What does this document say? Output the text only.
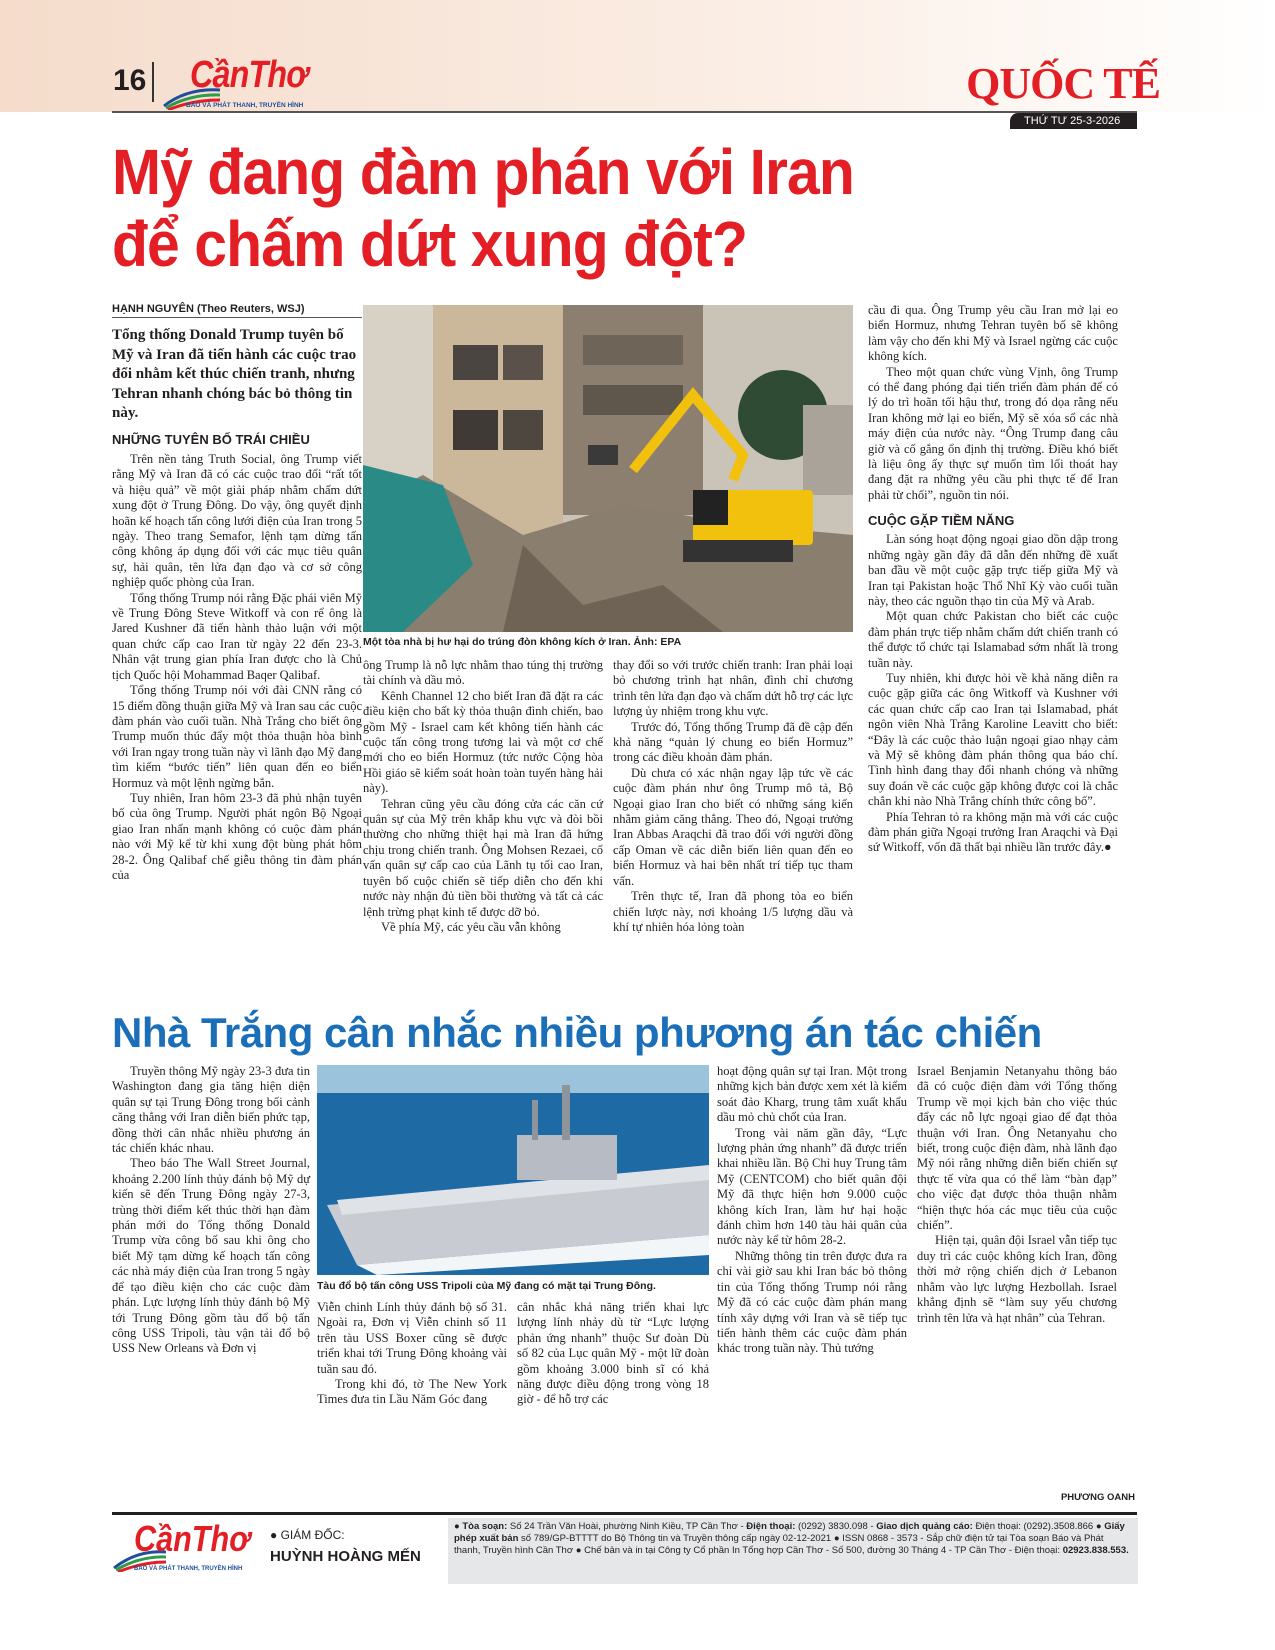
16 CầnThơ
BÁO VÀ PHÁT THANH, TRUYỀN HÌNH	QUỐC TẾ
THỨ TƯ 25-3-2026
Mỹ đang đàm phán với Iran
để chấm dứt xung đột?
HẠNH NGUYÊN (Theo Reuters, WSJ)
Tổng thống Donald Trump tuyên bố Mỹ và Iran đã tiến hành các cuộc trao đổi nhằm kết thúc chiến tranh, nhưng Tehran nhanh chóng bác bỏ thông tin này.
NHỮNG TUYÊN BỐ TRÁI CHIỀU

Trên nền tảng Truth Social, ông Trump viết rằng Mỹ và Iran đã có các cuộc trao đổi “rất tốt và hiệu quả” về một giải pháp nhằm chấm dứt xung đột ở Trung Đông. Do vậy, ông quyết định hoãn kế hoạch tấn công lưới điện của Iran trong 5 ngày. Theo trang Semafor, lệnh tạm dừng tấn công không áp dụng đối với các mục tiêu quân sự, hải quân, tên lửa đạn đạo và cơ sở công nghiệp quốc phòng của Iran.

Tổng thống Trump nói rằng Đặc phái viên Mỹ về Trung Đông Steve Witkoff và con rể ông là Jared Kushner đã tiến hành thảo luận với một quan chức cấp cao Iran từ ngày 22 đến 23-3. Nhân vật trung gian phía Iran được cho là Chủ tịch Quốc hội Mohammad Baqer Qalibaf.

Tổng thống Trump nói với đài CNN rằng có 15 điểm đồng thuận giữa Mỹ và Iran sau các cuộc đàm phán vào cuối tuần. Nhà Trắng cho biết ông Trump muốn thúc đẩy một thỏa thuận hòa bình với Iran ngay trong tuần này vì lãnh đạo Mỹ đang tìm kiếm “bước tiến” liên quan đến eo biển Hormuz và một lệnh ngừng bắn.

Tuy nhiên, Iran hôm 23-3 đã phủ nhận tuyên bố của ông Trump. Người phát ngôn Bộ Ngoại giao Iran nhấn mạnh không có cuộc đàm phán nào với Mỹ kể từ khi xung đột bùng phát hôm 28-2. Ông Qalibaf chế giễu thông tin đàm phán của

Một tòa nhà bị hư hại do trúng đòn không kích ở Iran. Ảnh: EPA

ông Trump là nỗ lực nhằm thao túng thị trường tài chính và dầu mỏ.

Kênh Channel 12 cho biết Iran đã đặt ra các điều kiện cho bất kỳ thỏa thuận đình chiến, bao gồm Mỹ - Israel cam kết không tiến hành các cuộc tấn công trong tương lai và một cơ chế mới cho eo biển Hormuz (tức nước Cộng hòa Hồi giáo sẽ kiểm soát hoàn toàn tuyến hàng hải này).

Tehran cũng yêu cầu đóng cửa các căn cứ quân sự của Mỹ trên khắp khu vực và đòi bồi thường cho những thiệt hại mà Iran đã hứng chịu trong chiến tranh. Ông Mohsen Rezaei, cố vấn quân sự cấp cao của Lãnh tụ tối cao Iran, tuyên bố cuộc chiến sẽ tiếp diễn cho đến khi nước này nhận đủ tiền bồi thường và tất cả các lệnh trừng phạt kinh tế được dỡ bỏ.

Về phía Mỹ, các yêu cầu vẫn không

thay đổi so với trước chiến tranh: Iran phải loại bỏ chương trình hạt nhân, đình chỉ chương trình tên lửa đạn đạo và chấm dứt hỗ trợ các lực lượng ủy nhiệm trong khu vực.

Trước đó, Tổng thống Trump đã đề cập đến khả năng “quản lý chung eo biển Hormuz” trong các điều khoản đàm phán.

Dù chưa có xác nhận ngay lập tức về các cuộc đàm phán như ông Trump mô tả, Bộ Ngoại giao Iran cho biết có những sáng kiến nhằm giảm căng thẳng. Theo đó, Ngoại trưởng Iran Abbas Araqchi đã trao đổi với người đồng cấp Oman về các diễn biến liên quan đến eo biển Hormuz và hai bên nhất trí tiếp tục tham vấn.

Trên thực tế, Iran đã phong tỏa eo biển chiến lược này, nơi khoảng 1/5 lượng dầu và khí tự nhiên hóa lỏng toàn

cầu đi qua. Ông Trump yêu cầu Iran mở lại eo biển Hormuz, nhưng Tehran tuyên bố sẽ không làm vậy cho đến khi Mỹ và Israel ngừng các cuộc không kích.

Theo một quan chức vùng Vịnh, ông Trump có thể đang phóng đại tiến triển đàm phán để có lý do trì hoãn tối hậu thư, trong đó dọa rằng nếu Iran không mở lại eo biển, Mỹ sẽ xóa sổ các nhà máy điện của nước này. “Ông Trump đang câu giờ và cố gắng ổn định thị trường. Điều khó biết là liệu ông ấy thực sự muốn tìm lối thoát hay đang đặt ra những yêu cầu phi thực tế để Iran phải từ chối”, nguồn tin nói.

CUỘC GẶP TIỀM NĂNG

Làn sóng hoạt động ngoại giao dồn dập trong những ngày gần đây đã dẫn đến những đề xuất ban đầu về một cuộc gặp trực tiếp giữa Mỹ và Iran tại Pakistan hoặc Thổ Nhĩ Kỳ vào cuối tuần này, theo các nguồn thạo tin của Mỹ và Arab.

Một quan chức Pakistan cho biết các cuộc đàm phán trực tiếp nhằm chấm dứt chiến tranh có thể được tổ chức tại Islamabad sớm nhất là trong tuần này.

Tuy nhiên, khi được hỏi về khả năng diễn ra cuộc gặp giữa các ông Witkoff và Kushner với các quan chức cấp cao Iran tại Islamabad, phát ngôn viên Nhà Trắng Karoline Leavitt cho biết: “Đây là các cuộc thảo luận ngoại giao nhạy cảm và Mỹ sẽ không đàm phán thông qua báo chí. Tình hình đang thay đổi nhanh chóng và những suy đoán về các cuộc gặp không được coi là chắc chắn khi nào Nhà Trắng chính thức công bố”.

Phía Tehran tỏ ra không mặn mà với các cuộc đàm phán giữa Ngoại trưởng Iran Araqchi và Đại sứ Witkoff, vốn đã thất bại nhiều lần trước đây.●

Nhà Trắng cân nhắc nhiều phương án tác chiến

Truyền thông Mỹ ngày 23-3 đưa tin Washington đang gia tăng hiện diện quân sự tại Trung Đông trong bối cảnh căng thẳng với Iran diễn biến phức tạp, đồng thời cân nhắc nhiều phương án tác chiến khác nhau.

Theo báo The Wall Street Journal, khoảng 2.200 lính thủy đánh bộ Mỹ dự kiến sẽ đến Trung Đông ngày 27-3, trùng thời điểm kết thúc thời hạn đàm phán mới do Tổng thống Donald Trump vừa công bố sau khi ông cho biết Mỹ tạm dừng kế hoạch tấn công các nhà máy điện của Iran trong 5 ngày để tạo điều kiện cho các cuộc đàm phán. Lực lượng lính thủy đánh bộ Mỹ tới Trung Đông gồm tàu đổ bộ tấn công USS Tripoli, tàu vận tải đổ bộ USS New Orleans và Đơn vị

Tàu đổ bộ tấn công USS Tripoli của Mỹ đang có mặt tại Trung Đông.

Viễn chinh Lính thủy đánh bộ số 31. Ngoài ra, Đơn vị Viễn chinh số 11 trên tàu USS Boxer cũng sẽ được triển khai tới Trung Đông khoảng vài tuần sau đó.

Trong khi đó, tờ The New York Times đưa tin Lầu Năm Góc đang

cân nhắc khả năng triển khai lực lượng lính nhảy dù từ “Lực lượng phản ứng nhanh” thuộc Sư đoàn Dù số 82 của Lục quân Mỹ - một lữ đoàn gồm khoảng 3.000 binh sĩ có khả năng được điều động trong vòng 18 giờ - để hỗ trợ các

hoạt động quân sự tại Iran. Một trong những kịch bản được xem xét là kiểm soát đảo Kharg, trung tâm xuất khẩu dầu mỏ chủ chốt của Iran.

Trong vài năm gần đây, “Lực lượng phản ứng nhanh” đã được triển khai nhiều lần. Bộ Chỉ huy Trung tâm Mỹ (CENTCOM) cho biết quân đội Mỹ đã thực hiện hơn 9.000 cuộc không kích Iran, làm hư hại hoặc đánh chìm hơn 140 tàu hải quân của nước này kể từ hôm 28-2.

Những thông tin trên được đưa ra chỉ vài giờ sau khi Iran bác bỏ thông tin của Tổng thống Trump nói rằng Mỹ đã có các cuộc đàm phán mang tính xây dựng với Iran và sẽ tiếp tục tiến hành thêm các cuộc đàm phán khác trong tuần này. Thủ tướng

Israel Benjamin Netanyahu thông báo đã có cuộc điện đàm với Tổng thống Trump về mọi kịch bản cho việc thúc đẩy các nỗ lực ngoại giao để đạt thỏa thuận với Iran. Ông Netanyahu cho biết, trong cuộc điện đàm, nhà lãnh đạo Mỹ nói rằng những diễn biến chiến sự thực tế vừa qua có thể làm “bàn đạp” cho việc đạt được thỏa thuận nhằm “hiện thực hóa các mục tiêu của cuộc chiến”.

Hiện tại, quân đội Israel vẫn tiếp tục duy trì các cuộc không kích Iran, đồng thời mở rộng chiến dịch ở Lebanon nhằm vào lực lượng Hezbollah. Israel khẳng định sẽ “làm suy yếu chương trình tên lửa và hạt nhân” của Tehran.

PHƯƠNG OANH
CầnThơ
BÁO VÀ PHÁT THANH, TRUYỀN HÌNH
● GIÁM ĐỐC:
HUỲNH HOÀNG MẾN
● Tòa soạn: Số 24 Trần Văn Hoài, phường Ninh Kiều, TP Cần Thơ - Điện thoại: (0292) 3830.098 - Giao dịch quảng cáo: Điện thoại: (0292).3508.866 ● Giấy phép xuất bản số 789/GP-BTTTT do Bộ Thông tin và Truyền thông cấp ngày 02-12-2021 ● ISSN 0868 - 3573 - Sắp chữ điện tử tại Tòa soạn Báo và Phát thanh, Truyền hình Cần Thơ ● Chế bản và in tại Công ty Cổ phần In Tổng hợp Cần Thơ - Số 500, đường 30 Tháng 4 - TP Cần Thơ - Điện thoại: 02923.838.553.
